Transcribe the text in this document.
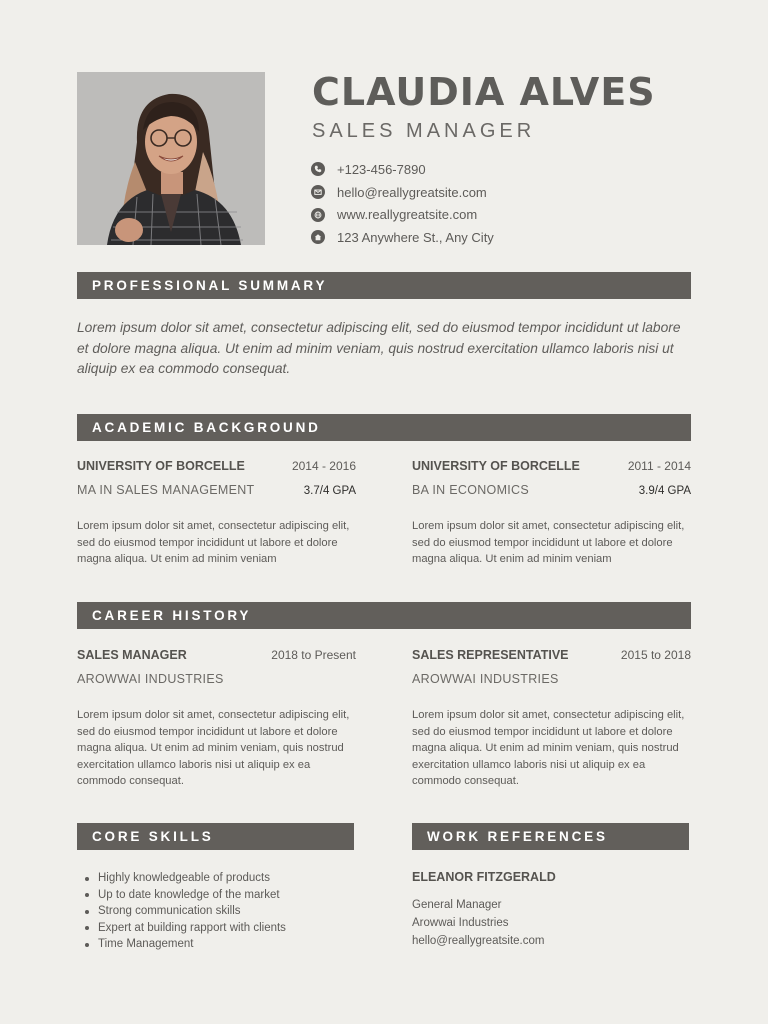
CLAUDIA ALVES
SALES MANAGER
+123-456-7890
hello@reallygreatsite.com
www.reallygreatsite.com
123 Anywhere St., Any City
PROFESSIONAL SUMMARY

Lorem ipsum dolor sit amet, consectetur adipiscing elit, sed do eiusmod tempor incididunt ut labore et dolore magna aliqua. Ut enim ad minim veniam, quis nostrud exercitation ullamco laboris nisi ut aliquip ex ea commodo consequat.

ACADEMIC BACKGROUND
UNIVERSITY OF BORCELLE	2014 - 2016
MA IN SALES MANAGEMENT	3.7/4 GPA

Lorem ipsum dolor sit amet, consectetur adipiscing elit, sed do eiusmod tempor incididunt ut labore et dolore magna aliqua. Ut enim ad minim veniam

UNIVERSITY OF BORCELLE	2011 - 2014
BA IN ECONOMICS	3.9/4 GPA

Lorem ipsum dolor sit amet, consectetur adipiscing elit, sed do eiusmod tempor incididunt ut labore et dolore magna aliqua. Ut enim ad minim veniam

CAREER HISTORY
SALES MANAGER	2018 to Present
AROWWAI INDUSTRIES

Lorem ipsum dolor sit amet, consectetur adipiscing elit, sed do eiusmod tempor incididunt ut labore et dolore magna aliqua. Ut enim ad minim veniam, quis nostrud exercitation ullamco laboris nisi ut aliquip ex ea commodo consequat.

SALES REPRESENTATIVE	2015 to 2018
AROWWAI INDUSTRIES

Lorem ipsum dolor sit amet, consectetur adipiscing elit, sed do eiusmod tempor incididunt ut labore et dolore magna aliqua. Ut enim ad minim veniam, quis nostrud exercitation ullamco laboris nisi ut aliquip ex ea commodo consequat.

CORE SKILLS
Highly knowledgeable of products
Up to date knowledge of the market
Strong communication skills
Expert at building rapport with clients
Time Management
WORK REFERENCES
ELEANOR FITZGERALD
General Manager
Arowwai Industries
hello@reallygreatsite.com
